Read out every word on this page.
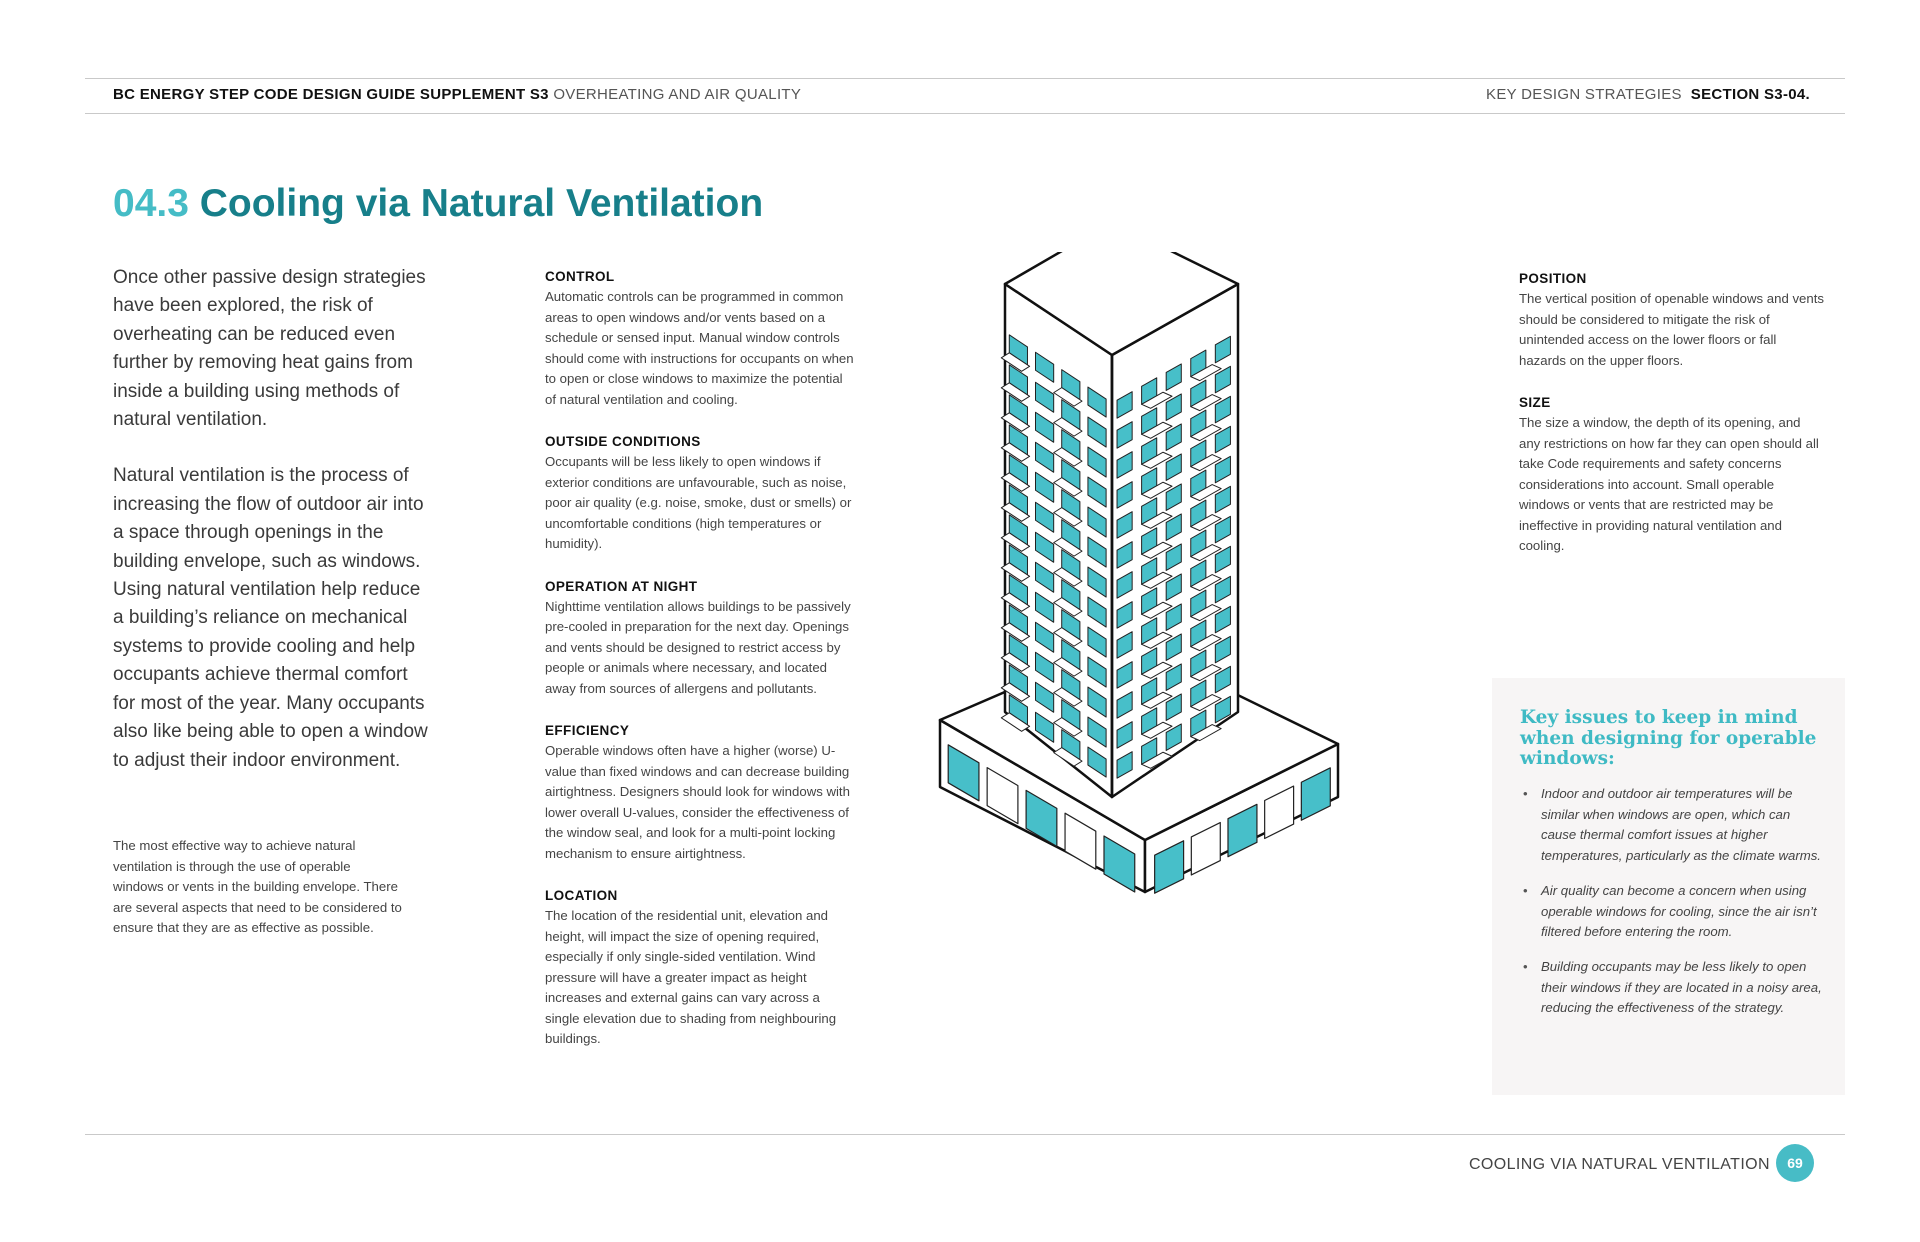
BC ENERGY STEP CODE DESIGN GUIDE SUPPLEMENT S3 OVERHEATING AND AIR QUALITY	KEY DESIGN STRATEGIES SECTION S3-04.
04.3 Cooling via Natural Ventilation

Once other passive design strategies have been explored, the risk of overheating can be reduced even further by removing heat gains from inside a building using methods of natural ventilation.

Natural ventilation is the process of increasing the flow of outdoor air into a space through openings in the building envelope, such as windows. Using natural ventilation help reduce a building’s reliance on mechanical systems to provide cooling and help occupants achieve thermal comfort for most of the year. Many occupants also like being able to open a window to adjust their indoor environment.

The most effective way to achieve natural ventilation is through the use of operable windows or vents in the building envelope. There are several aspects that need to be considered to ensure that they are as effective as possible.

CONTROL

Automatic controls can be programmed in common areas to open windows and/or vents based on a schedule or sensed input. Manual window controls should come with instructions for occupants on when to open or close windows to maximize the potential of natural ventilation and cooling.

OUTSIDE CONDITIONS

Occupants will be less likely to open windows if exterior conditions are unfavourable, such as noise, poor air quality (e.g. noise, smoke, dust or smells) or uncomfortable conditions (high temperatures or humidity).

OPERATION AT NIGHT

Nighttime ventilation allows buildings to be passively pre-cooled in preparation for the next day. Openings and vents should be designed to restrict access by people or animals where necessary, and located away from sources of allergens and pollutants.

EFFICIENCY

Operable windows often have a higher (worse) U-value than fixed windows and can decrease building airtightness. Designers should look for windows with lower overall U-values, consider the effectiveness of the window seal, and look for a multi-point locking mechanism to ensure airtightness.

LOCATION

The location of the residential unit, elevation and height, will impact the size of opening required, especially if only single-sided ventilation. Wind pressure will have a greater impact as height increases and external gains can vary across a single elevation due to shading from neighbouring buildings.

POSITION

The vertical position of openable windows and vents should be considered to mitigate the risk of unintended access on the lower floors or fall hazards on the upper floors.

SIZE

The size a window, the depth of its opening, and any restrictions on how far they can open should all take Code requirements and safety concerns considerations into account. Small operable windows or vents that are restricted may be ineffective in providing natural ventilation and cooling.

Key issues to keep in mind when designing for operable windows:
• Indoor and outdoor air temperatures will be similar when windows are open, which can cause thermal comfort issues at higher temperatures, particularly as the climate warms.
• Air quality can become a concern when using operable windows for cooling, since the air isn’t filtered before entering the room.
• Building occupants may be less likely to open their windows if they are located in a noisy area, reducing the effectiveness of the strategy.
COOLING VIA NATURAL VENTILATION	69
